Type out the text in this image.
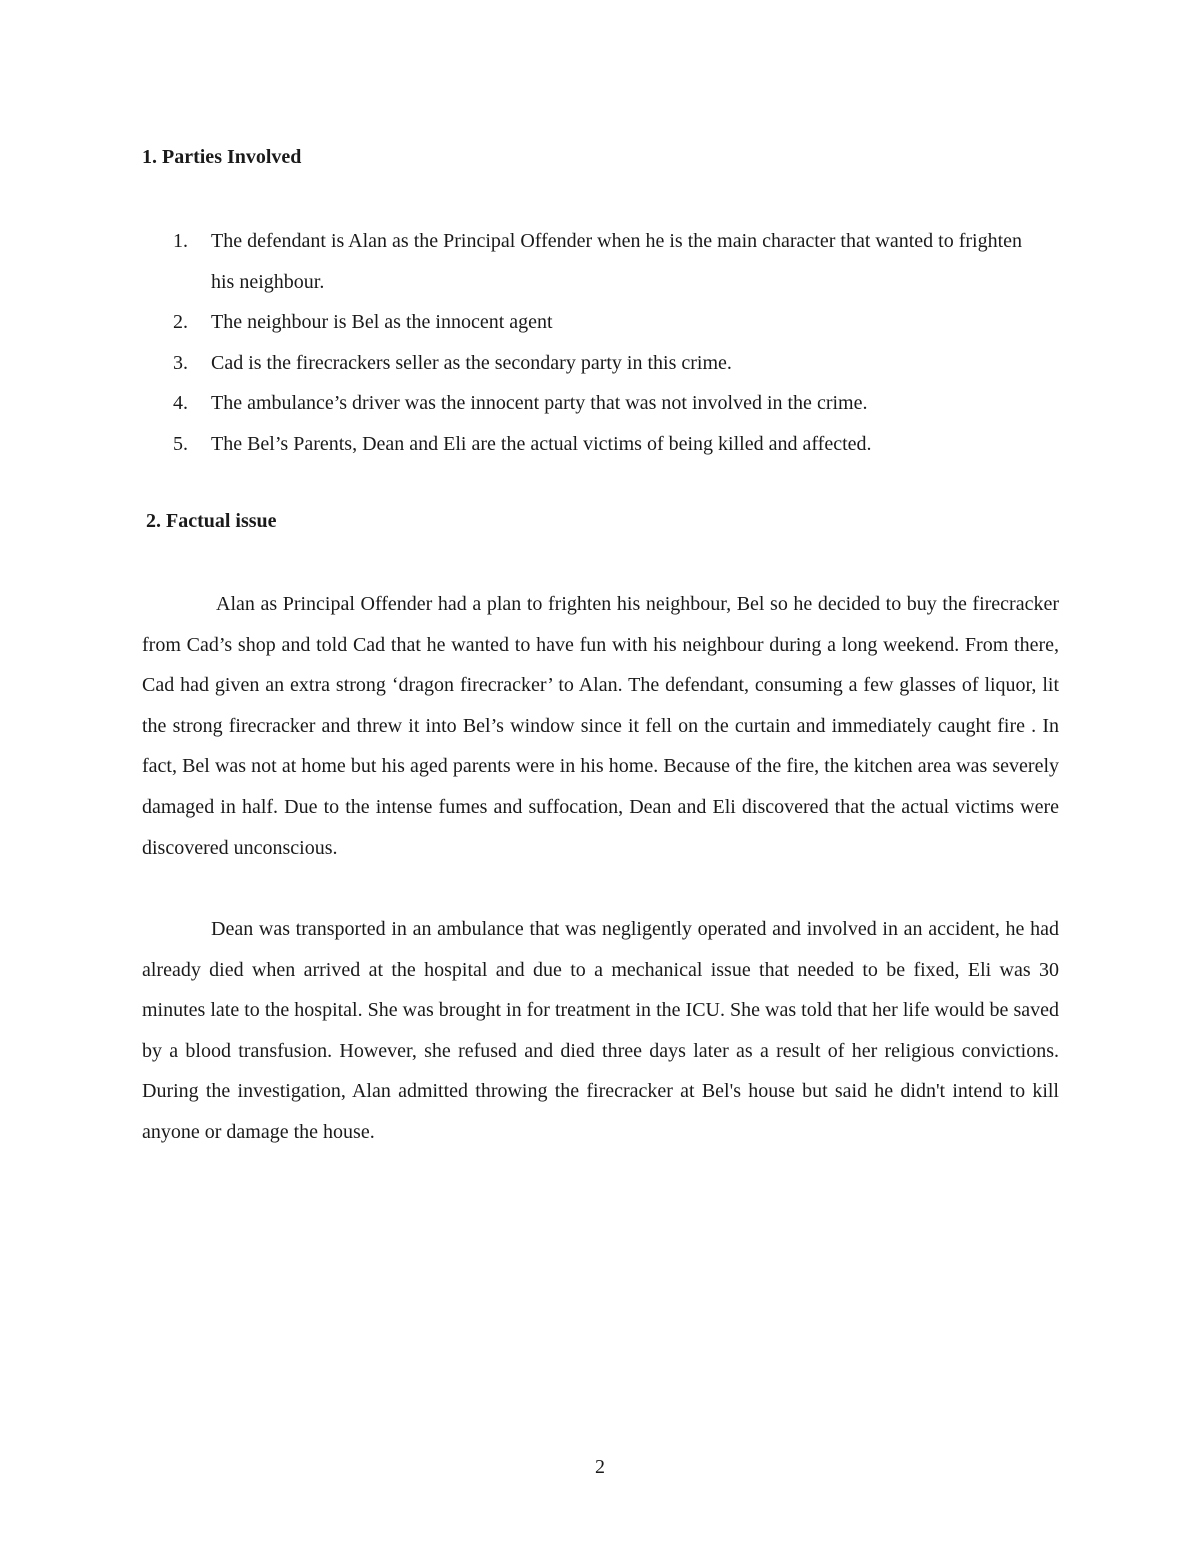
1. Parties Involved
1. The defendant is Alan as the Principal Offender when he is the main character that wanted to frighten his neighbour.
2. The neighbour is Bel as the innocent agent
3. Cad is the firecrackers seller as the secondary party in this crime.
4. The ambulance’s driver was the innocent party that was not involved in the crime.
5. The Bel’s Parents, Dean and Eli are the actual victims of being killed and affected.
2. Factual issue

Alan as Principal Offender had a plan to frighten his neighbour, Bel so he decided to buy the firecracker from Cad’s shop and told Cad that he wanted to have fun with his neighbour during a long weekend. From there, Cad had given an extra strong ‘dragon firecracker’ to Alan. The defendant, consuming a few glasses of liquor, lit the strong firecracker and threw it into Bel’s window since it fell on the curtain and immediately caught fire . In fact, Bel was not at home but his aged parents were in his home. Because of the fire, the kitchen area was severely damaged in half. Due to the intense fumes and suffocation, Dean and Eli discovered that the actual victims were discovered unconscious.

Dean was transported in an ambulance that was negligently operated and involved in an accident, he had already died when arrived at the hospital and due to a mechanical issue that needed to be fixed, Eli was 30 minutes late to the hospital. She was brought in for treatment in the ICU. She was told that her life would be saved by a blood transfusion. However, she refused and died three days later as a result of her religious convictions. During the investigation, Alan admitted throwing the firecracker at Bel's house but said he didn't intend to kill anyone or damage the house.

2
